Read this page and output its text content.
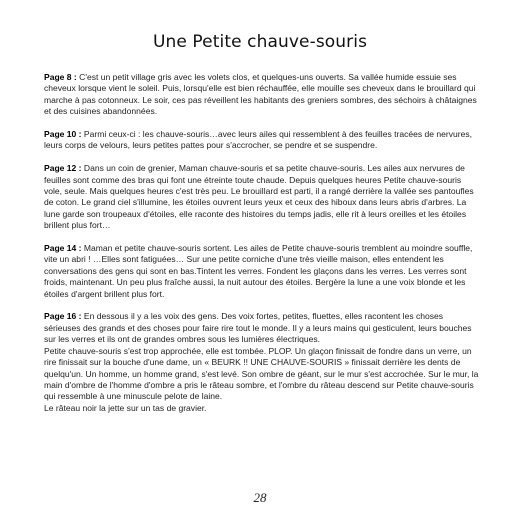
Une Petite chauve-souris

Page 8 : C'est un petit village gris avec les volets clos, et quelques-uns ouverts. Sa vallée humide essuie ses cheveux lorsque vient le soleil. Puis, lorsqu'elle est bien réchauffée, elle mouille ses cheveux dans le brouillard qui marche à pas cotonneux. Le soir, ces pas réveillent les habitants des greniers sombres, des séchoirs à châtaignes et des cuisines abandonnées.

Page 10 : Parmi ceux-ci : les chauve-souris…avec leurs ailes qui ressemblent à des feuilles tracées de nervures, leurs corps de velours, leurs petites pattes pour s'accrocher, se pendre et se suspendre.

Page 12 : Dans un coin de grenier, Maman chauve-souris et sa petite chauve-souris. Les ailes aux nervures de feuilles sont comme des bras qui font une étreinte toute chaude. Depuis quelques heures Petite chauve-souris vole, seule. Mais quelques heures c'est très peu. Le brouillard est parti, il a rangé derrière la vallée ses pantoufles de coton. Le grand ciel s'illumine, les étoiles ouvrent leurs yeux et ceux des hiboux dans leurs abris d'arbres. La lune garde son troupeaux d'étoiles, elle raconte des histoires du temps jadis, elle rit à leurs oreilles et les étoiles brillent plus fort…

Page 14 : Maman et petite chauve-souris sortent. Les ailes de Petite chauve-souris tremblent au moindre souffle, vite un abri ! …Elles sont fatiguées… Sur une petite corniche d'une très vieille maison, elles entendent les conversations des gens qui sont en bas.Tintent les verres. Fondent les glaçons dans les verres. Les verres sont froids, maintenant. Un peu plus fraîche aussi, la nuit autour des étoiles. Bergère la lune a une voix blonde et les étoiles d'argent brillent plus fort.

Page 16 : En dessous il y a les voix des gens. Des voix fortes, petites, fluettes, elles racontent les choses sérieuses des grands et des choses pour faire rire tout le monde. Il y a leurs mains qui gesticulent, leurs bouches sur les verres et ils ont de grandes ombres sous les lumières électriques.

Petite chauve-souris s'est trop approchée, elle est tombée. PLOP. Un glaçon finissait de fondre dans un verre, un rire finissait sur la bouche d'une dame, un « BEURK !! UNE CHAUVE-SOURIS » finissait derrière les dents de quelqu'un. Un homme, un homme grand, s'est levé. Son ombre de géant, sur le mur s'est accrochée. Sur le mur, la main d'ombre de l'homme d'ombre a pris le râteau sombre, et l'ombre du râteau descend sur Petite chauve-souris qui ressemble à une minuscule pelote de laine.

Le râteau noir la jette sur un tas de gravier.

28
